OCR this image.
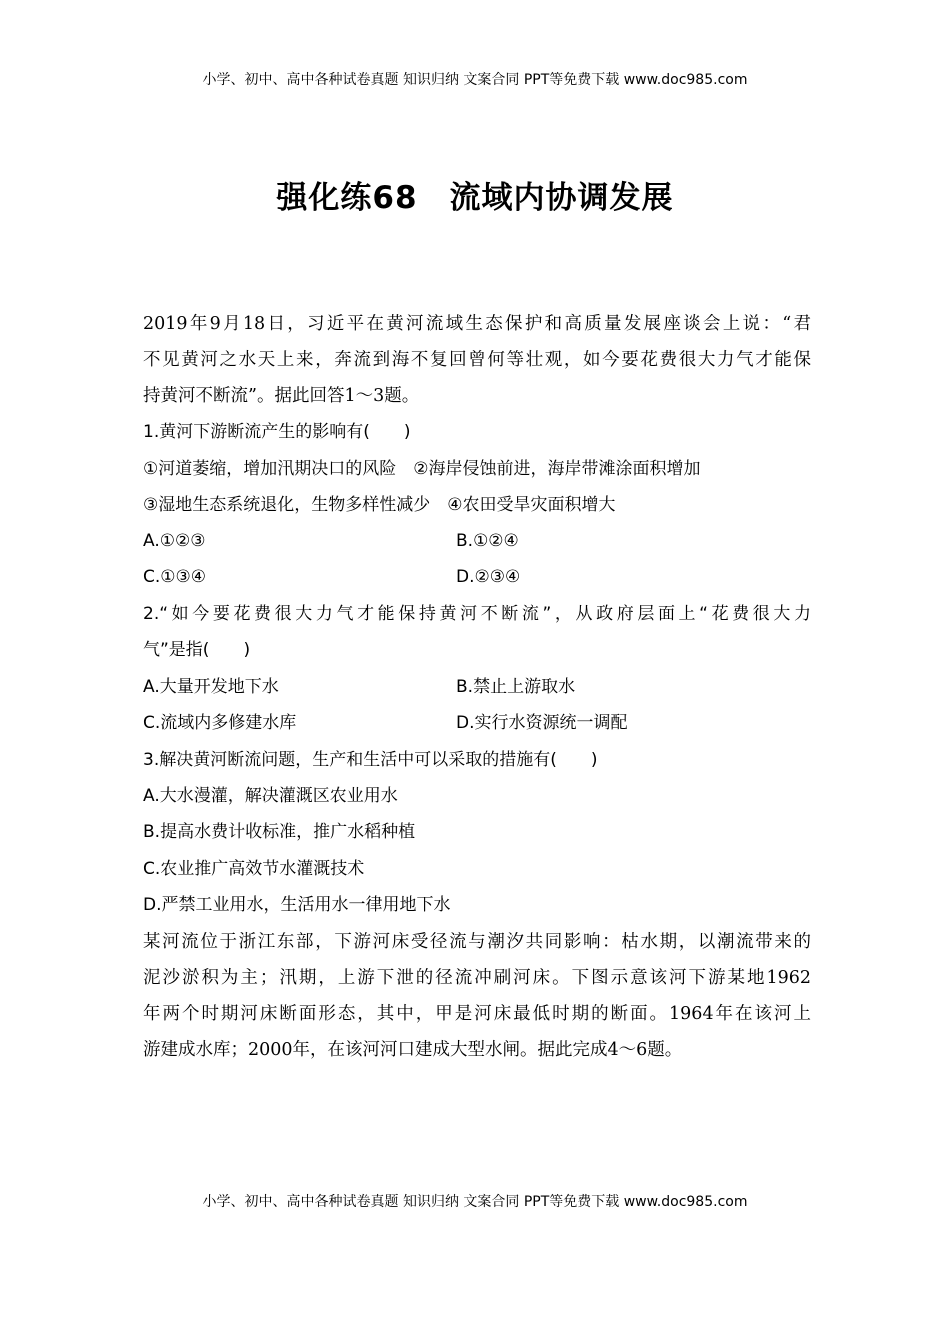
小学、初中、高中各种试卷真题 知识归纳 文案合同 PPT等免费下载 www.doc985.com
强化练68　流域内协调发展
2019年9月18日，习近平在黄河流域生态保护和高质量发展座谈会上说：“君
不见黄河之水天上来，奔流到海不复回曾何等壮观，如今要花费很大力气才能保
持黄河不断流”。据此回答1～3题。
1.黄河下游断流产生的影响有(　　)
①河道萎缩，增加汛期决口的风险　②海岸侵蚀前进，海岸带滩涂面积增加
③湿地生态系统退化，生物多样性减少　④农田受旱灾面积增大
A.①②③	B.①②④
C.①③④	D.②③④
2.“如今要花费很大力气才能保持黄河不断流”，从政府层面上“花费很大力
气”是指(　　)
A.大量开发地下水	B.禁止上游取水
C.流域内多修建水库	D.实行水资源统一调配
3.解决黄河断流问题，生产和生活中可以采取的措施有(　　)
A.大水漫灌，解决灌溉区农业用水
B.提高水费计收标准，推广水稻种植
C.农业推广高效节水灌溉技术
D.严禁工业用水，生活用水一律用地下水
某河流位于浙江东部，下游河床受径流与潮汐共同影响：枯水期，以潮流带来的
泥沙淤积为主；汛期，上游下泄的径流冲刷河床。下图示意该河下游某地1962
年两个时期河床断面形态，其中，甲是河床最低时期的断面。1964年在该河上
游建成水库；2000年，在该河河口建成大型水闸。据此完成4～6题。
小学、初中、高中各种试卷真题 知识归纳 文案合同 PPT等免费下载 www.doc985.com
